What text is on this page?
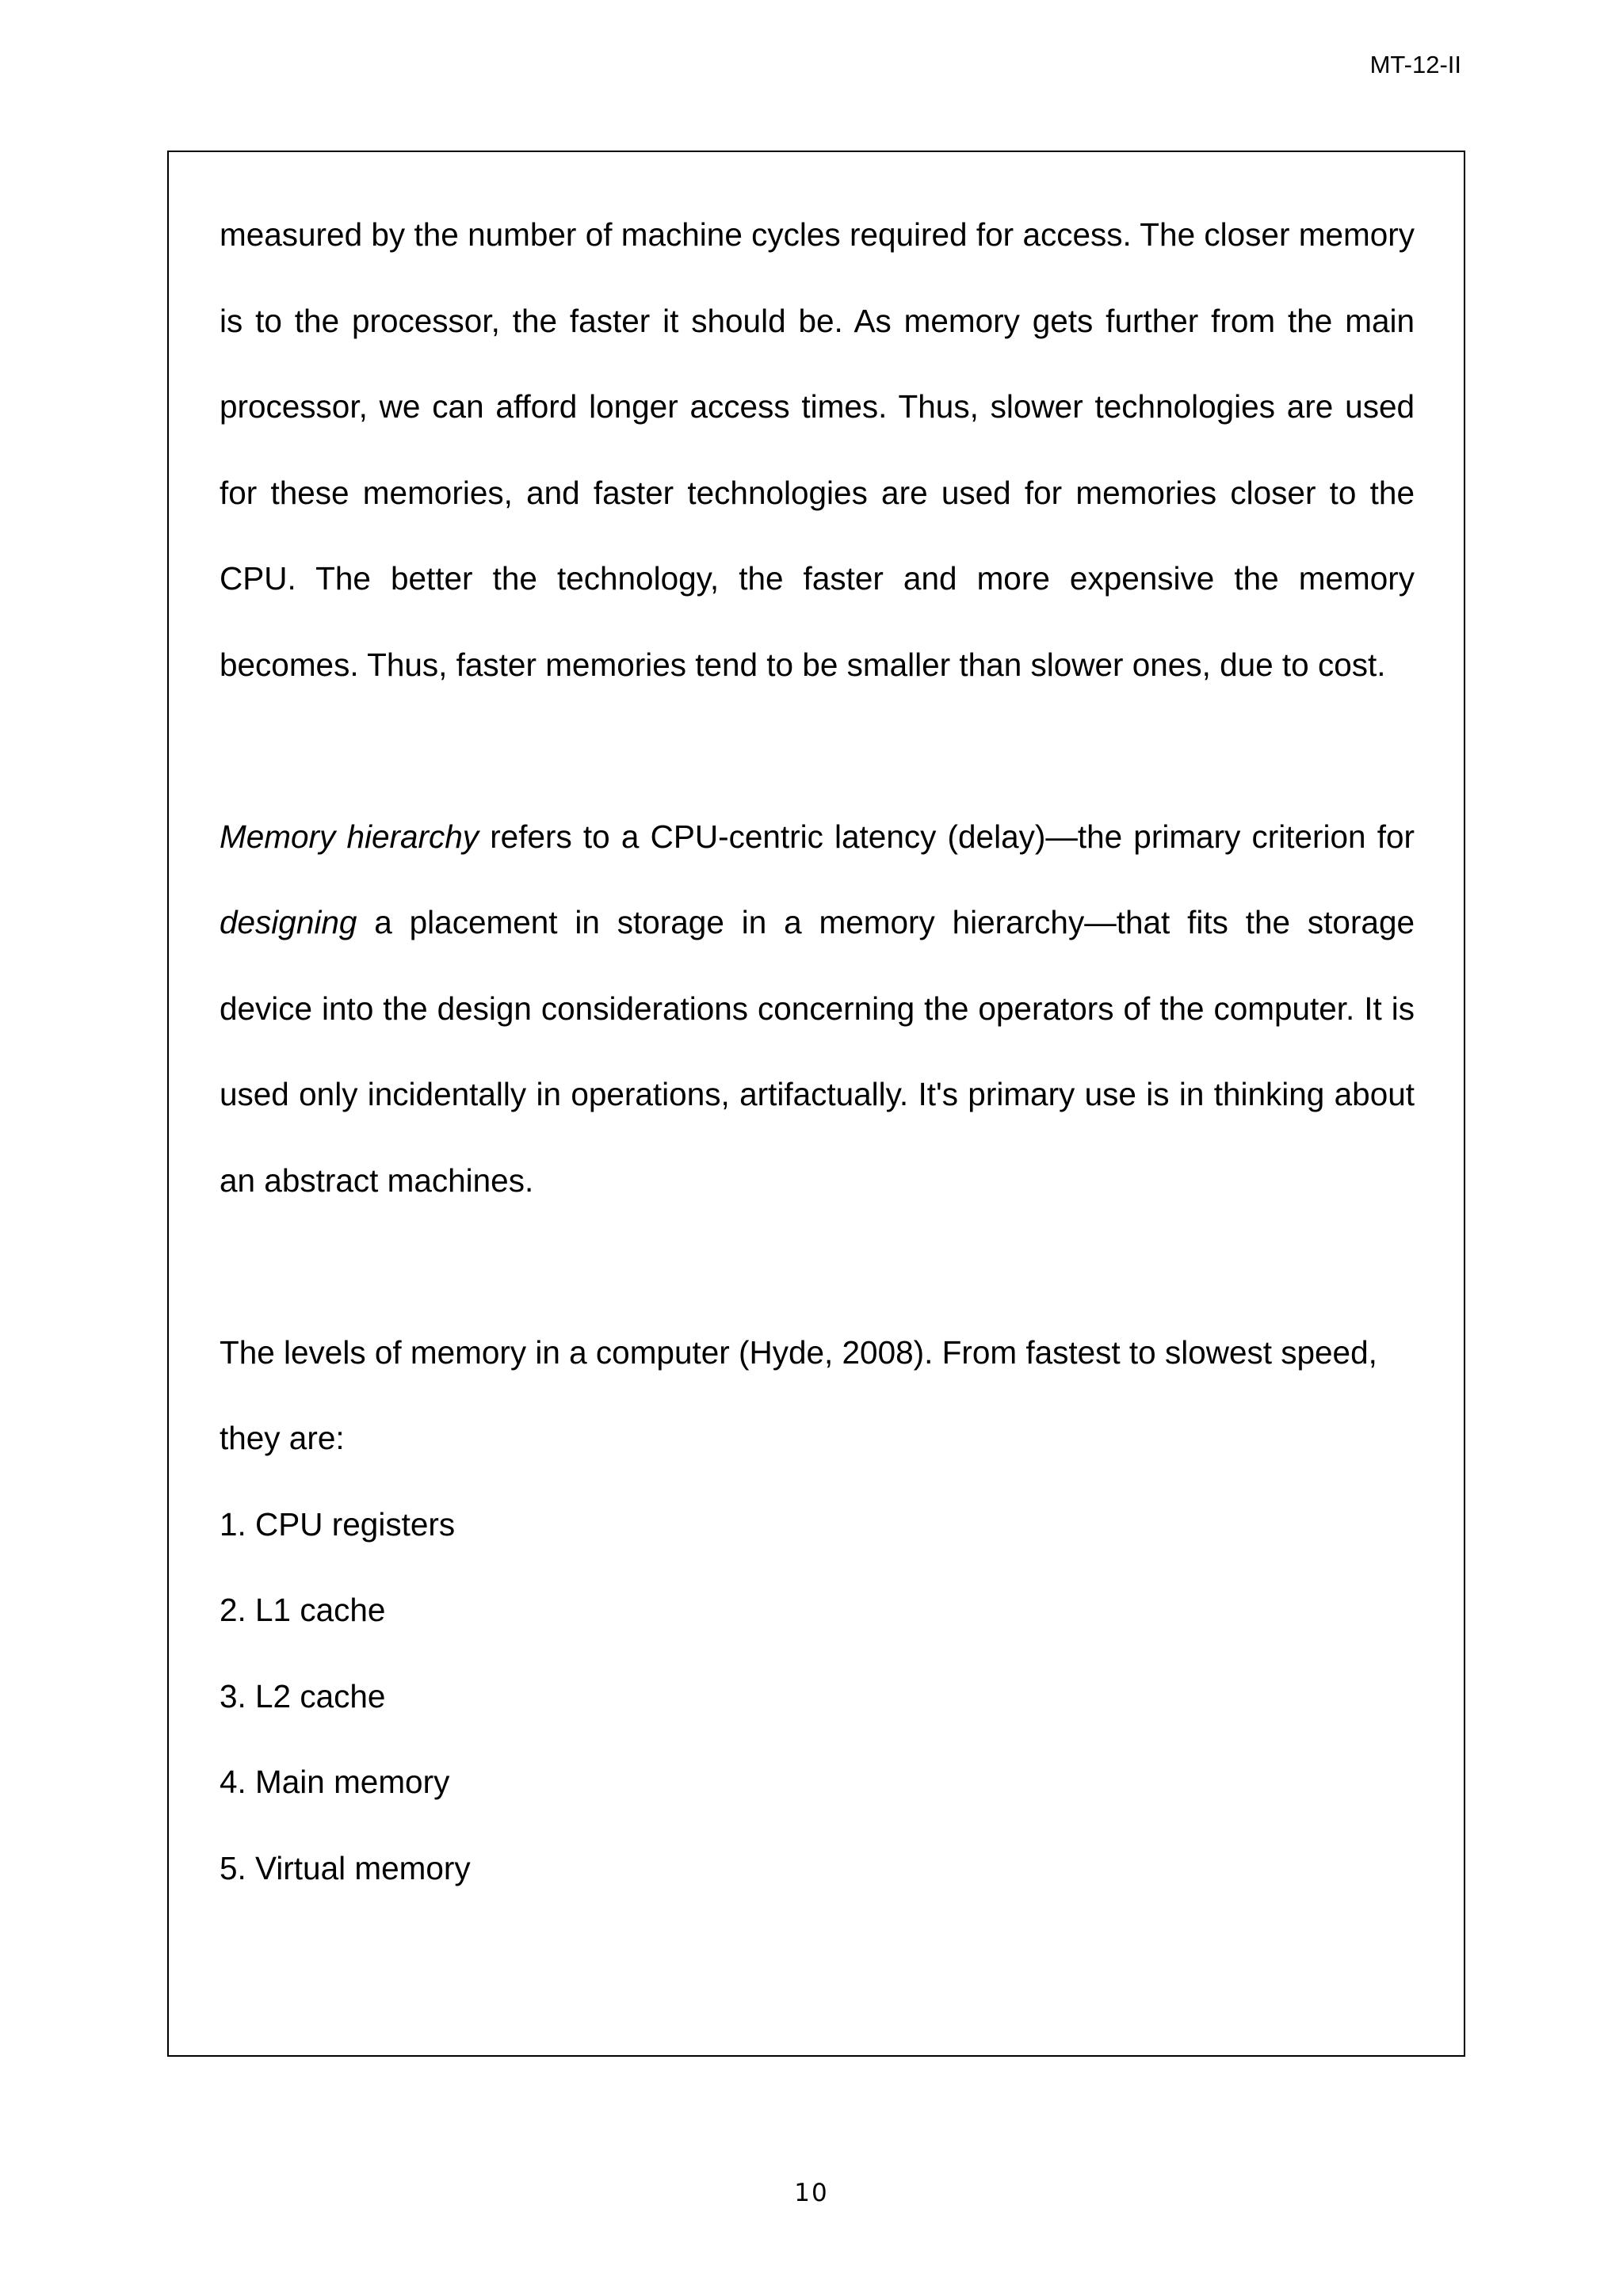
MT-12-II

measured by the number of machine cycles required for access. The closer memory is to the processor, the faster it should be. As memory gets further from the main processor, we can afford longer access times. Thus, slower technologies are used for these memories, and faster technologies are used for memories closer to the CPU. The better the technology, the faster and more expensive the memory becomes. Thus, faster memories tend to be smaller than slower ones, due to cost.

Memory hierarchy refers to a CPU-centric latency (delay)—the primary criterion for designing a placement in storage in a memory hierarchy—that fits the storage device into the design considerations concerning the operators of the computer. It is used only incidentally in operations, artifactually. It's primary use is in thinking about an abstract machines.

The levels of memory in a computer (Hyde, 2008). From fastest to slowest speed, they are:
1. CPU registers
2. L1 cache
3. L2 cache
4. Main memory
5. Virtual memory
10
